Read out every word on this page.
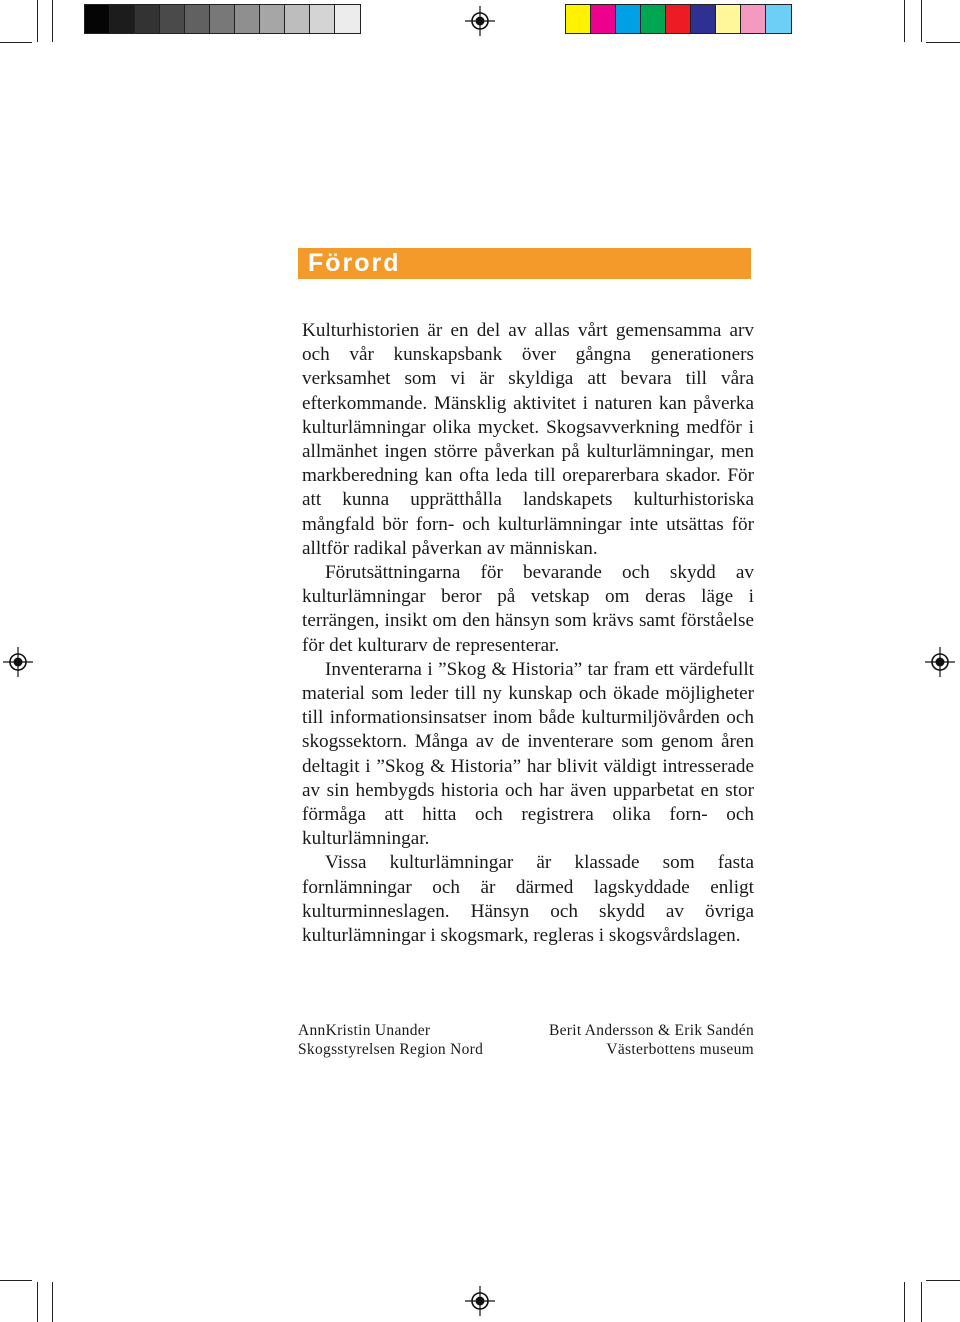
Förord

Kulturhistorien är en del av allas vårt gemensamma arv och vår kunskapsbank över gångna generationers verksamhet som vi är skyldiga att bevara till våra efterkommande. Mänsklig aktivitet i naturen kan påverka kulturlämningar olika mycket. Skogsavverkning medför i allmänhet ingen större påverkan på kulturlämningar, men markberedning kan ofta leda till oreparerbara skador. För att kunna upprätthålla landskapets kulturhistoriska mångfald bör forn- och kulturlämningar inte utsättas för alltför radikal påverkan av människan.

Förutsättningarna för bevarande och skydd av kulturlämningar beror på vetskap om deras läge i terrängen, insikt om den hänsyn som krävs samt förståelse för det kulturarv de representerar.

Inventerarna i ”Skog & Historia” tar fram ett värdefullt material som leder till ny kunskap och ökade möjligheter till informationsinsatser inom både kulturmiljövården och skogssektorn. Många av de inventerare som genom åren deltagit i ”Skog & Historia” har blivit väldigt intresserade av sin hembygds historia och har även upparbetat en stor förmåga att hitta och registrera olika forn- och kulturlämningar.

Vissa kulturlämningar är klassade som fasta fornlämningar och är därmed lagskyddade enligt kulturminneslagen. Hänsyn och skydd av övriga kulturlämningar i skogsmark, regleras i skogsvårdslagen.

AnnKristin Unander
Skogsstyrelsen Region Nord
Berit Andersson & Erik Sandén
Västerbottens museum
